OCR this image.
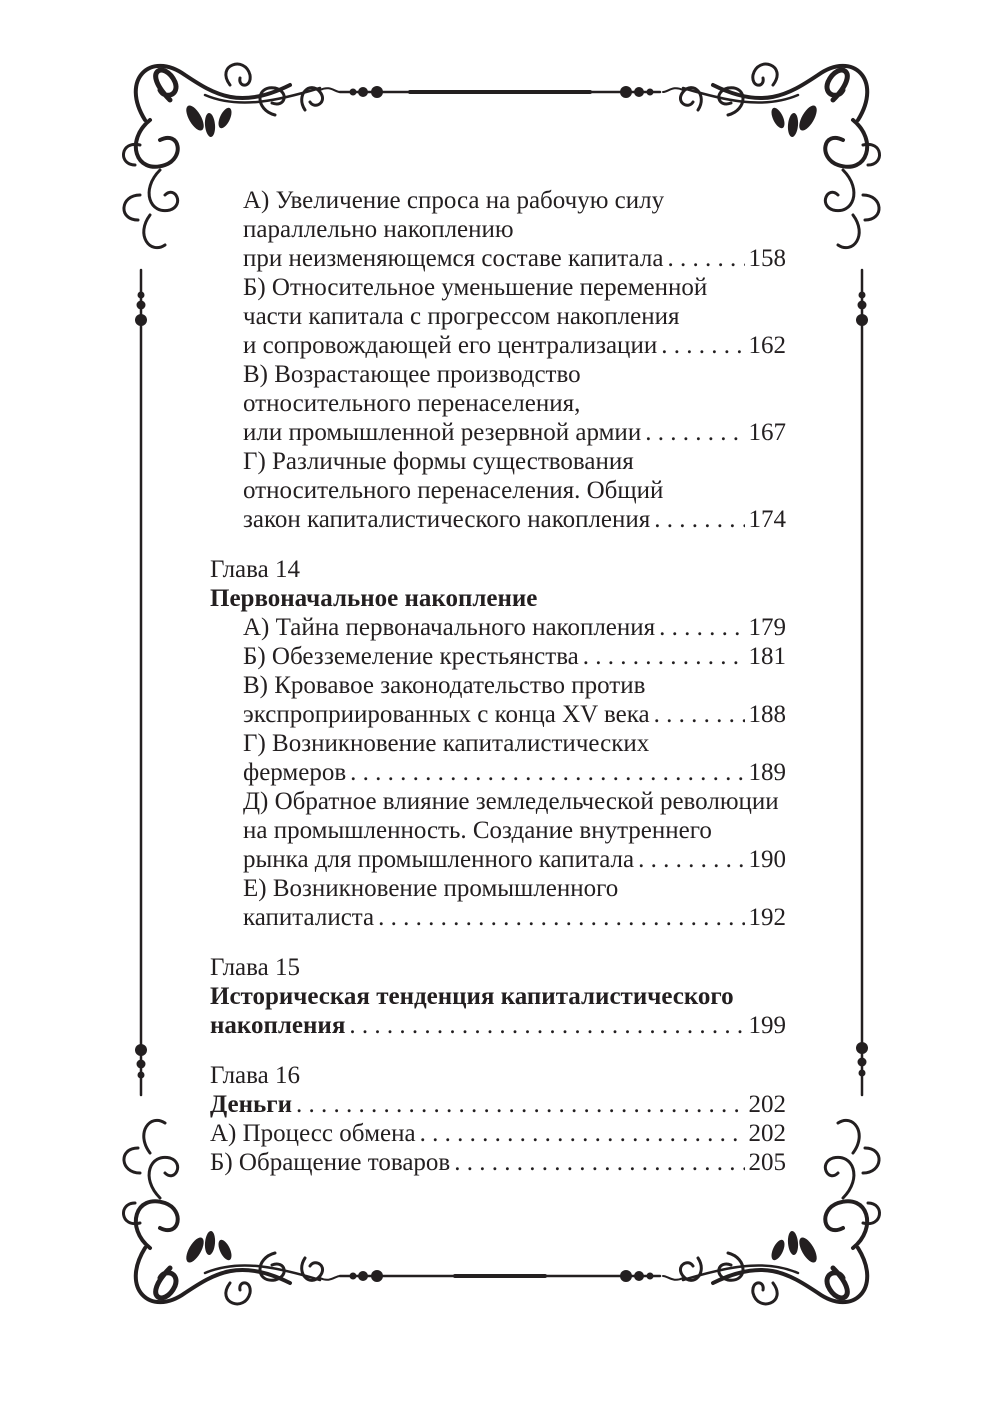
А) Увеличение спроса на рабочую силу
параллельно накоплению
при неизменяющемся составе капитала . . .	158
Б) Относительное уменьшение переменной
части капитала с прогрессом накопления
и сопровождающей его централизации . . .	162
В) Возрастающее производство
относительного перенаселения,
или промышленной резервной армии . . .	167
Г) Различные формы существования
относительного перенаселения. Общий
закон капиталистического накопления . . .	174
Глава 14
Первоначальное накопление
А) Тайна первоначального накопления . . .	179
Б) Обезземеление крестьянства . . .	181
В) Кровавое законодательство против
экспроприированных с конца XV века . . .	188
Г) Возникновение капиталистических
фермеров . . .	189
Д) Обратное влияние земледельческой революции
на промышленность. Создание внутреннего
рынка для промышленного капитала . . .	190
Е) Возникновение промышленного
капиталиста . . .	192
Глава 15
Историческая тенденция капиталистического
накопления . . .	199
Глава 16
Деньги . . .	202
А) Процесс обмена . . .	202
Б) Обращение товаров . . .	205
